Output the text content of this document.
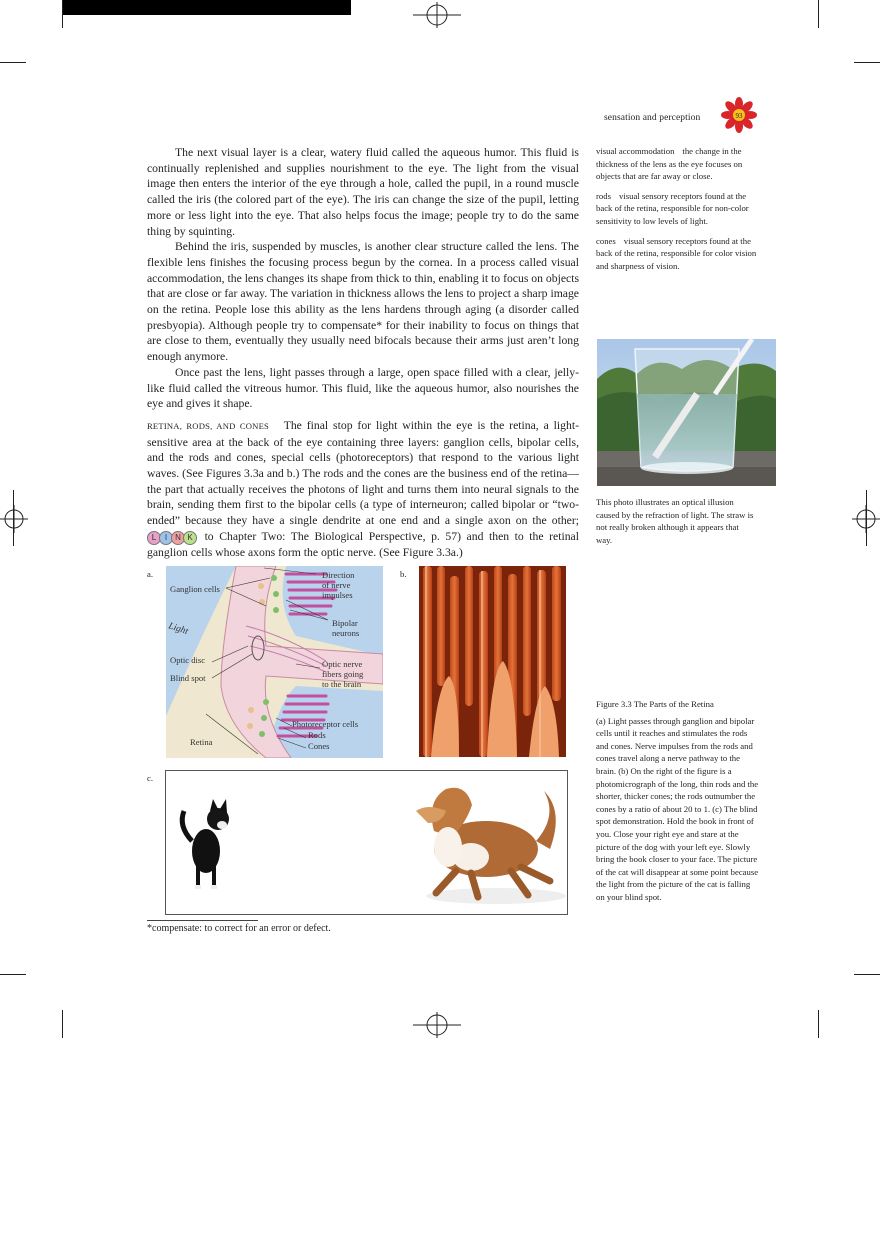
sensation and perception	93

The next visual layer is a clear, watery fluid called the aqueous humor. This fluid is continually replenished and supplies nourishment to the eye. The light from the visual image then enters the interior of the eye through a hole, called the pupil, in a round muscle called the iris (the colored part of the eye). The iris can change the size of the pupil, letting more or less light into the eye. That also helps focus the image; people try to do the same thing by squinting.

Behind the iris, suspended by muscles, is another clear structure called the lens. The flexible lens finishes the focusing process begun by the cornea. In a process called visual accommodation, the lens changes its shape from thick to thin, enabling it to focus on objects that are close or far away. The variation in thickness allows the lens to project a sharp image on the retina. People lose this ability as the lens hardens through aging (a disorder called presbyopia). Although people try to compensate* for their inability to focus on things that are close to them, eventually they usually need bifocals because their arms just aren’t long enough anymore.

Once past the lens, light passes through a large, open space filled with a clear, jelly-like fluid called the vitreous humor. This fluid, like the aqueous humor, also nourishes the eye and gives it shape.

RETINA, RODS, AND CONES The final stop for light within the eye is the retina, a light-sensitive area at the back of the eye containing three layers: ganglion cells, bipolar cells, and the rods and cones, special cells (photoreceptors) that respond to the various light waves. (See Figures 3.3a and b.) The rods and the cones are the business end of the retina—the part that actually receives the photons of light and turns them into neural signals to the brain, sending them first to the bipolar cells (a type of interneuron; called bipolar or “two-ended” because they have a single dendrite at one end and a single axon on the other; L I N K to Chapter Two: The Biological Perspective, p. 57) and then to the retinal ganglion cells whose axons form the optic nerve. (See Figure 3.3a.)

visual accommodation the change in the thickness of the lens as the eye focuses on objects that are far away or close.

rods visual sensory receptors found at the back of the retina, responsible for non-color sensitivity to low levels of light.

cones visual sensory receptors found at the back of the retina, responsible for color vision and sharpness of vision.

This photo illustrates an optical illusion caused by the refraction of light. The straw is not really broken although it appears that way.
a.	b.
c.
Ganglion cells
Direction
of nerve
impulses
Light	Bipolar
neurons
Optic disc
Blind spot
Optic nerve
fibers going
to the brain
Photoreceptor cells
Rods
Cones
Retina

Figure 3.3 The Parts of the Retina

(a) Light passes through ganglion and bipolar cells until it reaches and stimulates the rods and cones. Nerve impulses from the rods and cones travel along a nerve pathway to the brain. (b) On the right of the figure is a photomicrograph of the long, thin rods and the shorter, thicker cones; the rods outnumber the cones by a ratio of about 20 to 1. (c) The blind spot demonstration. Hold the book in front of you. Close your right eye and stare at the picture of the dog with your left eye. Slowly bring the book closer to your face. The picture of the cat will disappear at some point because the light from the picture of the cat is falling on your blind spot.

*compensate: to correct for an error or defect.
